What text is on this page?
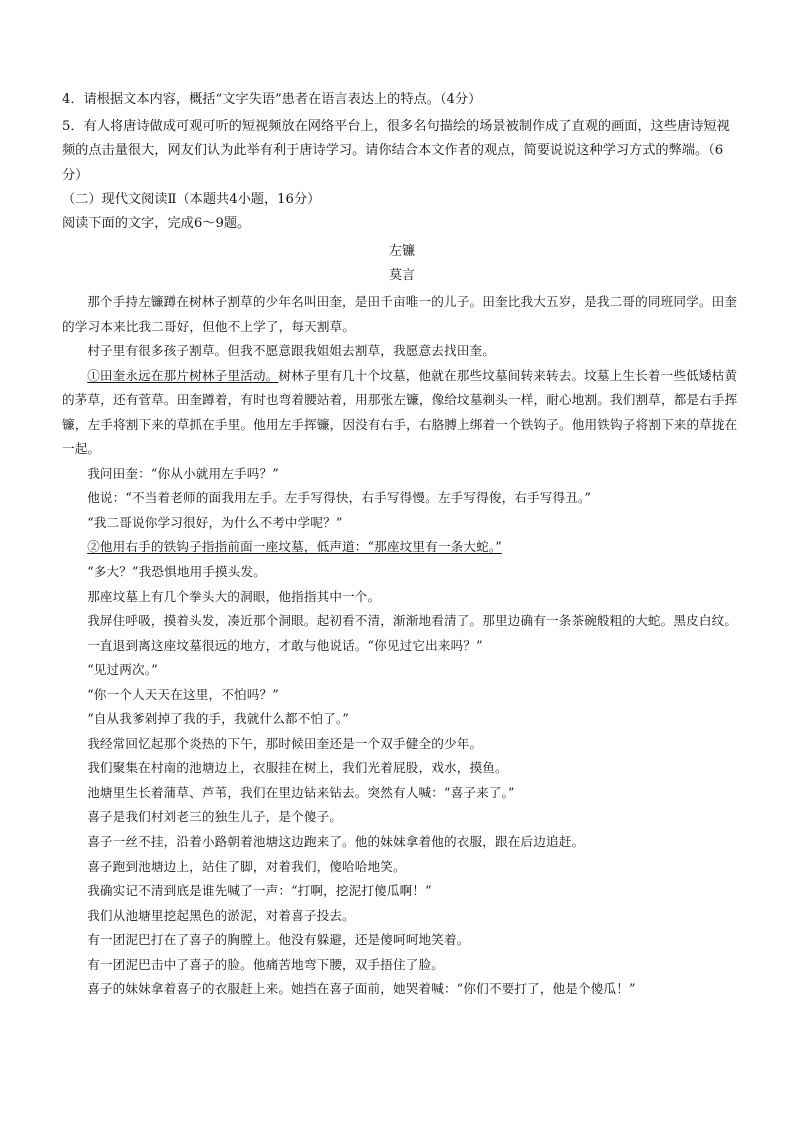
4．请根据文本内容，概括“文字失语”患者在语言表达上的特点。（4分）

5．有人将唐诗做成可观可听的短视频放在网络平台上，很多名句描绘的场景被制作成了直观的画面，这些唐诗短视频的点击量很大，网友们认为此举有利于唐诗学习。请你结合本文作者的观点，简要说说这种学习方式的弊端。（6分）

（二）现代文阅读Ⅱ（本题共4小题，16分）

阅读下面的文字，完成6～9题。

左镰

莫言

那个手持左镰蹲在树林子割草的少年名叫田奎，是田千亩唯一的儿子。田奎比我大五岁，是我二哥的同班同学。田奎的学习本来比我二哥好，但他不上学了，每天割草。

村子里有很多孩子割草。但我不愿意跟我姐姐去割草，我愿意去找田奎。

①田奎永远在那片树林子里活动。树林子里有几十个坟墓，他就在那些坟墓间转来转去。坟墓上生长着一些低矮枯黄的茅草，还有菅草。田奎蹲着，有时也弯着腰站着，用那张左镰，像给坟墓剃头一样，耐心地割。我们割草，都是右手挥镰，左手将割下来的草抓在手里。他用左手挥镰，因没有右手，右胳膊上绑着一个铁钩子。他用铁钩子将割下来的草拢在一起。

我问田奎：“你从小就用左手吗？”

他说：“不当着老师的面我用左手。左手写得快，右手写得慢。左手写得俊，右手写得丑。”

“我二哥说你学习很好，为什么不考中学呢？”

②他用右手的铁钩子指指前面一座坟墓，低声道：“那座坟里有一条大蛇。”

“多大？”我恐惧地用手摸头发。

那座坟墓上有几个拳头大的洞眼，他指指其中一个。

我屏住呼吸，摸着头发，凑近那个洞眼。起初看不清，渐渐地看清了。那里边确有一条茶碗般粗的大蛇。黑皮白纹。

一直退到离这座坟墓很远的地方，才敢与他说话。“你见过它出来吗？”

“见过两次。”

“你一个人天天在这里，不怕吗？”

“自从我爹剁掉了我的手，我就什么都不怕了。”

我经常回忆起那个炎热的下午，那时候田奎还是一个双手健全的少年。

我们聚集在村南的池塘边上，衣服挂在树上，我们光着屁股，戏水，摸鱼。

池塘里生长着蒲草、芦苇，我们在里边钻来钻去。突然有人喊：“喜子来了。”

喜子是我们村刘老三的独生儿子，是个傻子。

喜子一丝不挂，沿着小路朝着池塘这边跑来了。他的妹妹拿着他的衣服，跟在后边追赶。

喜子跑到池塘边上，站住了脚，对着我们，傻哈哈地笑。

我确实记不清到底是谁先喊了一声：“打啊，挖泥打傻瓜啊！”

我们从池塘里挖起黑色的淤泥，对着喜子投去。

有一团泥巴打在了喜子的胸膛上。他没有躲避，还是傻呵呵地笑着。

有一团泥巴击中了喜子的脸。他痛苦地弯下腰，双手捂住了脸。

喜子的妹妹拿着喜子的衣服赶上来。她挡在喜子面前，她哭着喊：“你们不要打了，他是个傻瓜！”
